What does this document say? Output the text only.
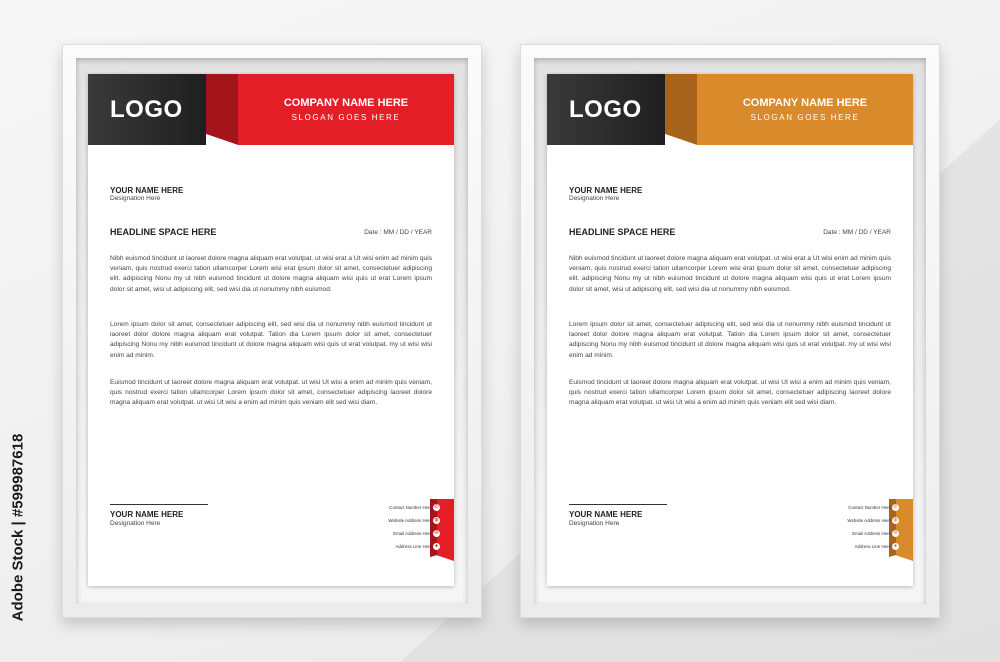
LOGO	COMPANY NAME HERE
SLOGAN GOES HERE
YOUR NAME HERE
Designation Here
HEADLINE SPACE HERE	Date : MM / DD / YEAR

Nibh euismod tincidunt ut laoreet dolore magna aliquam erat volutpat. ut wisi erat a Ut wisi enim ad minim quis veniam, quis nostrud exerci tation ullamcorper Lorem wisi erat ipsum dolor sit amet, consectetuer adipiscing elit. adipiscing Nonu my ut nibh euismod tincidunt ut dolore magna aliquam wisi quis ut erat Lorem ipsum dolor sit amet, wisi ut adipiscing elit, sed wisi dia ut nonummy nibh euismod.

Lorem ipsum dolor sit amet, consectetuer adipiscing elit, sed wisi dia ut nonummy nibh euismod tincidunt ut laoreet dolor dolore magna aliquam erat volutpat. Tation dia Lorem ipsum dolor sit amet, consectetuer adipiscing Nonu my nibh euismod tincidunt ut dolore magna aliquam wisi quis ut erat volutpat. my ut wisi wisi enim ad minim.

Euismod tincidunt ut laoreet dolore magna aliquam erat volutpat. ut wisi Ut wisi a enim ad minim quis veniam, quis nostrud exerci tation ullamcorper Lorem ipsum dolor sit amet, consectetuer adipiscing laoreet dolore magna aliquam erat volutpat. ut wisi Ut wisi a enim ad minim quis veniam elit sed wisi diam.

YOUR NAME HERE
Designation Here
Contact Number Here
Website Address Here
Email Address Here
Address Line Here
✆
◍
✉
●
LOGO	COMPANY NAME HERE
SLOGAN GOES HERE
YOUR NAME HERE
Designation Here
HEADLINE SPACE HERE	Date : MM / DD / YEAR

Nibh euismod tincidunt ut laoreet dolore magna aliquam erat volutpat. ut wisi erat a Ut wisi enim ad minim quis veniam, quis nostrud exerci tation ullamcorper Lorem wisi erat ipsum dolor sit amet, consectetuer adipiscing elit. adipiscing Nonu my ut nibh euismod tincidunt ut dolore magna aliquam wisi quis ut erat Lorem ipsum dolor sit amet, wisi ut adipiscing elit, sed wisi dia ut nonummy nibh euismod.

Lorem ipsum dolor sit amet, consectetuer adipiscing elit, sed wisi dia ut nonummy nibh euismod tincidunt ut laoreet dolor dolore magna aliquam erat volutpat. Tation dia Lorem ipsum dolor sit amet, consectetuer adipiscing Nonu my nibh euismod tincidunt ut dolore magna aliquam wisi quis ut erat volutpat. my ut wisi wisi enim ad minim.

Euismod tincidunt ut laoreet dolore magna aliquam erat volutpat. ut wisi Ut wisi a enim ad minim quis veniam, quis nostrud exerci tation ullamcorper Lorem ipsum dolor sit amet, consectetuer adipiscing laoreet dolore magna aliquam erat volutpat. ut wisi Ut wisi a enim ad minim quis veniam elit sed wisi diam.

YOUR NAME HERE
Designation Here
Contact Number Here
Website Address Here
Email Address Here
Address Line Here
✆
◍
✉
●
Adobe Stock | #599987618
